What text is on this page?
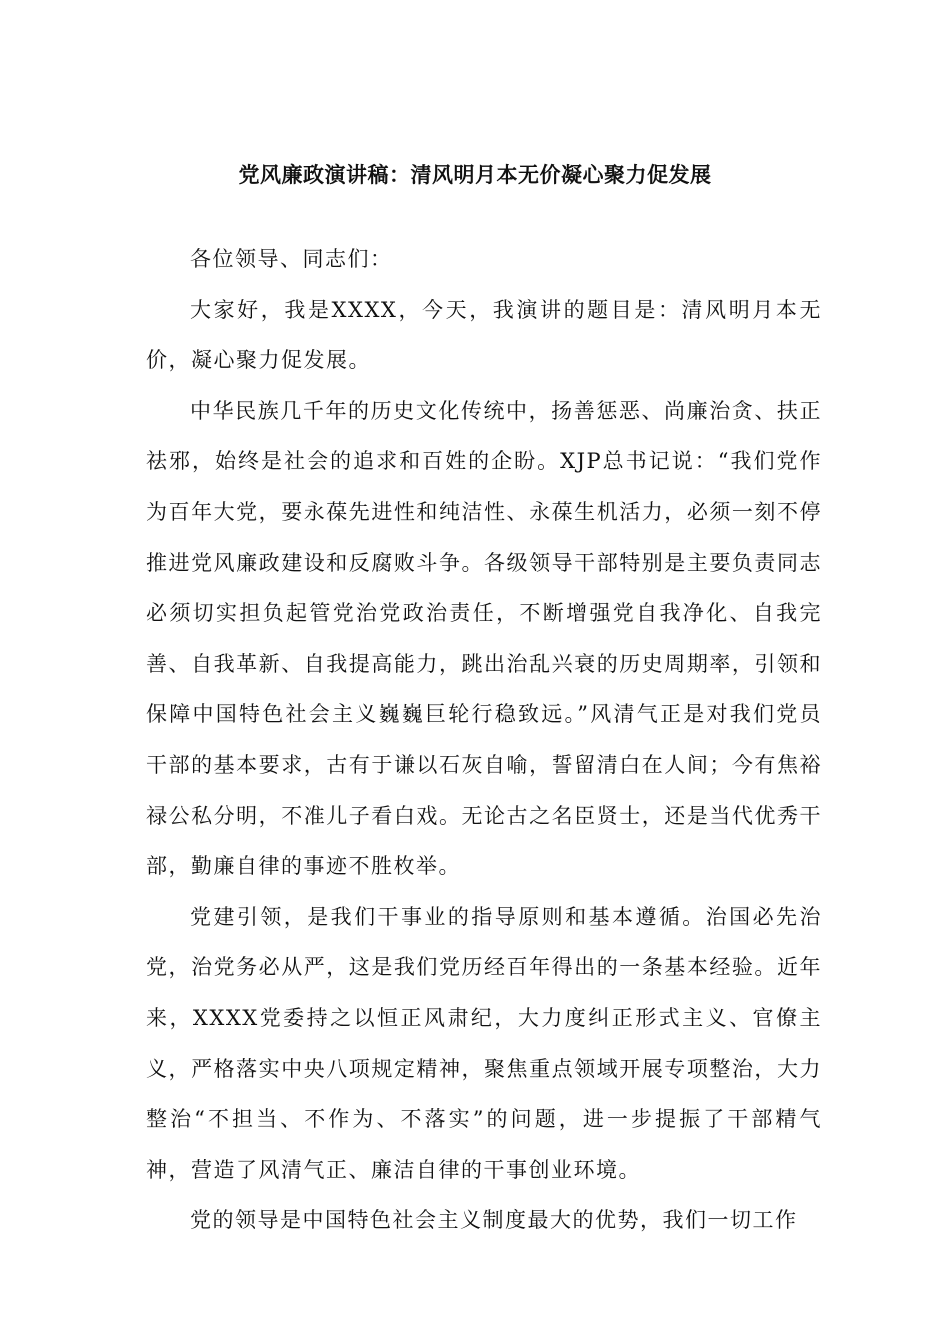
党风廉政演讲稿：清风明月本无价凝心聚力促发展

各位领导、同志们：

大家好，我是XXXX，今天，我演讲的题目是：清风明月本无价，凝心聚力促发展。

中华民族几千年的历史文化传统中，扬善惩恶、尚廉治贪、扶正祛邪，始终是社会的追求和百姓的企盼。XJP总书记说：“我们党作为百年大党，要永葆先进性和纯洁性、永葆生机活力，必须一刻不停推进党风廉政建设和反腐败斗争。各级领导干部特别是主要负责同志必须切实担负起管党治党政治责任，不断增强党自我净化、自我完善、自我革新、自我提高能力，跳出治乱兴衰的历史周期率，引领和保障中国特色社会主义巍巍巨轮行稳致远。”风清气正是对我们党员干部的基本要求，古有于谦以石灰自喻，誓留清白在人间；今有焦裕禄公私分明，不准儿子看白戏。无论古之名臣贤士，还是当代优秀干部，勤廉自律的事迹不胜枚举。

党建引领，是我们干事业的指导原则和基本遵循。治国必先治党，治党务必从严，这是我们党历经百年得出的一条基本经验。近年来，XXXX党委持之以恒正风肃纪，大力度纠正形式主义、官僚主义，严格落实中央八项规定精神，聚焦重点领域开展专项整治，大力整治“不担当、不作为、不落实”的问题，进一步提振了干部精气神，营造了风清气正、廉洁自律的干事创业环境。

党的领导是中国特色社会主义制度最大的优势，我们一切工作
